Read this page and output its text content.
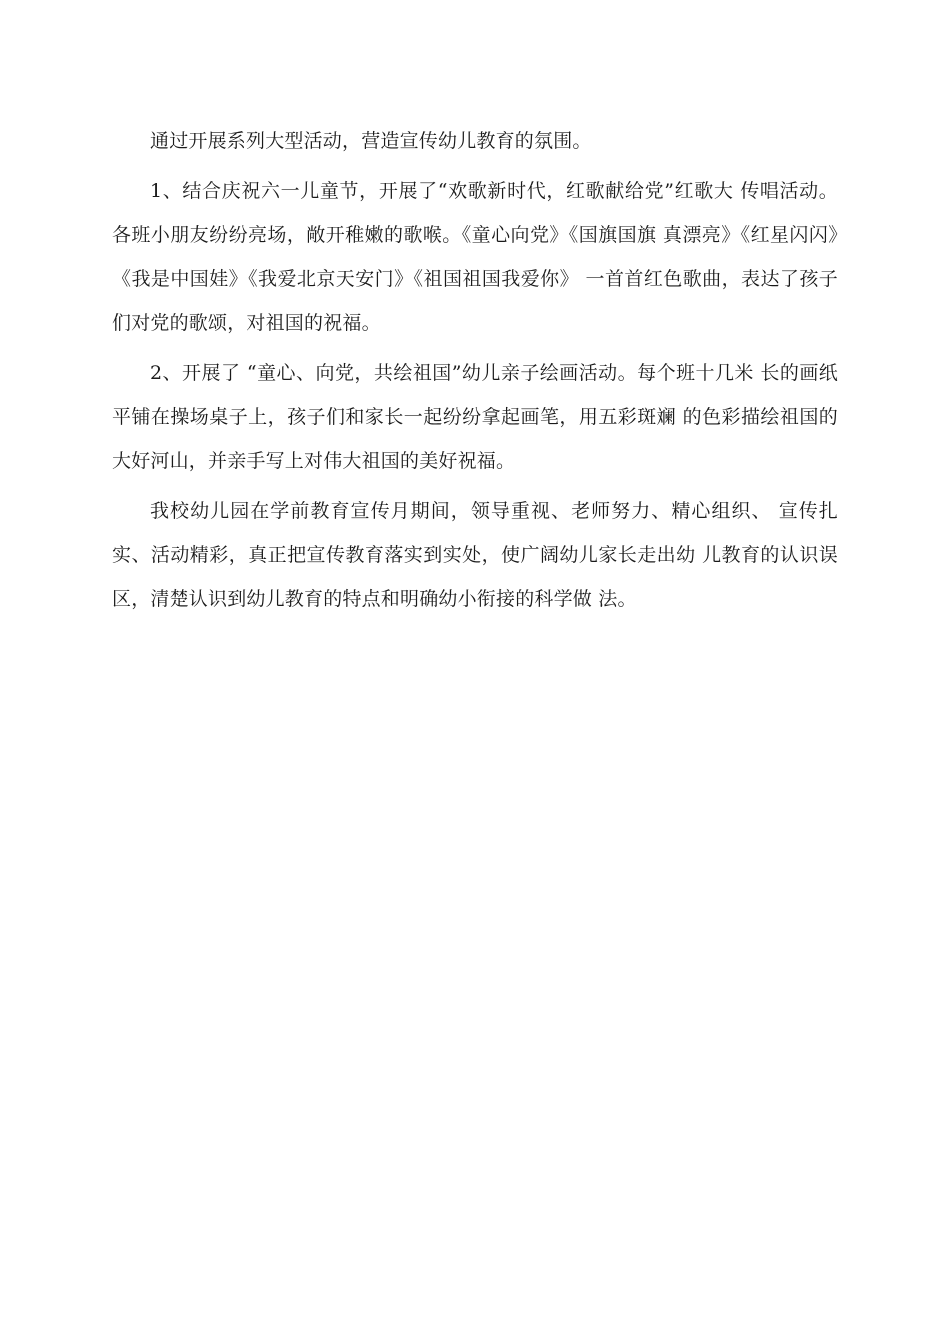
通过开展系列大型活动，营造宣传幼儿教育的氛围。

1、结合庆祝六一儿童节，开展了“欢歌新时代，红歌献给党”红歌大 传唱活动。各班小朋友纷纷亮场，敞开稚嫩的歌喉。《童心向党》《国旗国旗 真漂亮》《红星闪闪》《我是中国娃》《我爱北京天安门》《祖国祖国我爱你》 一首首红色歌曲，表达了孩子们对党的歌颂，对祖国的祝福。

2、开展了 “童心、向党，共绘祖国”幼儿亲子绘画活动。每个班十几米 长的画纸平铺在操场桌子上，孩子们和家长一起纷纷拿起画笔，用五彩斑斓 的色彩描绘祖国的大好河山，并亲手写上对伟大祖国的美好祝福。

我校幼儿园在学前教育宣传月期间，领导重视、老师努力、精心组织、 宣传扎实、活动精彩，真正把宣传教育落实到实处，使广阔幼儿家长走出幼 儿教育的认识误区，清楚认识到幼儿教育的特点和明确幼小衔接的科学做 法。
